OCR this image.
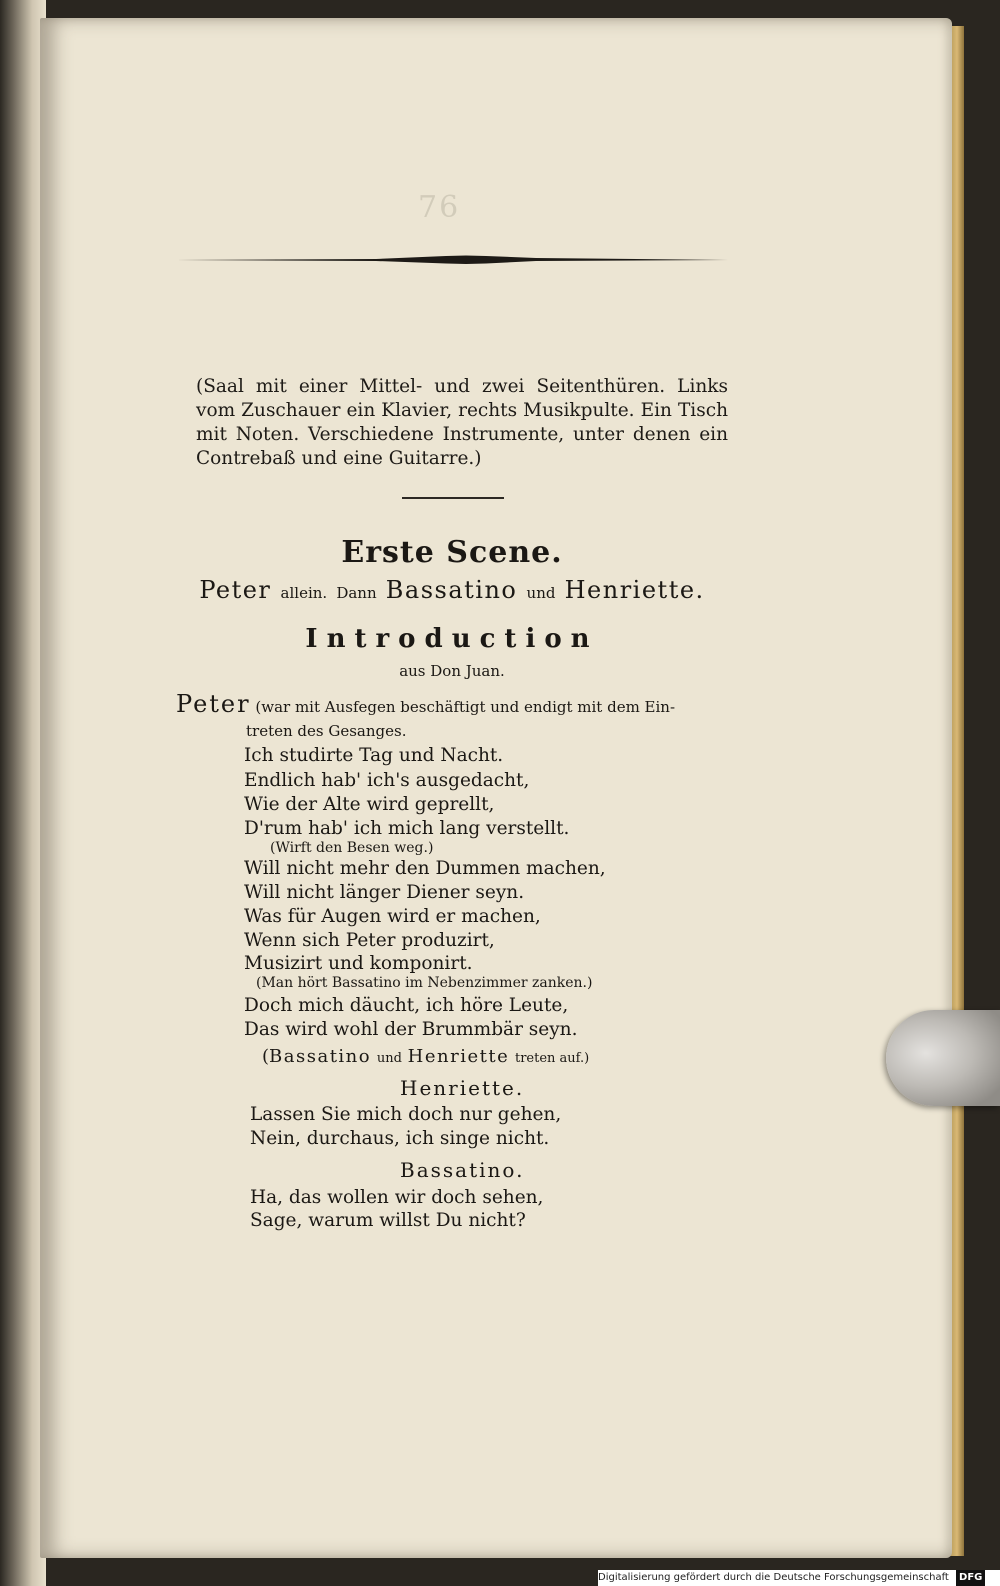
76
(Saal mit einer Mittel- und zwei Seitenthüren. Links vom Zuschauer ein Klavier, rechts Musikpulte. Ein Tisch mit Noten. Verschiedene Instrumente, unter denen ein Contrebaß und eine Guitarre.)
Erste Scene.
Peter allein. Dann Bassatino und Henriette.
Introduction
aus Don Juan.
Peter (war mit Ausfegen beschäftigt und endigt mit dem Ein-
treten des Gesanges.
Ich studirte Tag und Nacht.
Endlich hab' ich's ausgedacht,
Wie der Alte wird geprellt,
D'rum hab' ich mich lang verstellt.
(Wirft den Besen weg.)
Will nicht mehr den Dummen machen,
Will nicht länger Diener seyn.
Was für Augen wird er machen,
Wenn sich Peter produzirt,
Musizirt und komponirt.
(Man hört Bassatino im Nebenzimmer zanken.)
Doch mich däucht, ich höre Leute,
Das wird wohl der Brummbär seyn.
(Bassatino und Henriette treten auf.)
Henriette.
Lassen Sie mich doch nur gehen,
Nein, durchaus, ich singe nicht.
Bassatino.
Ha, das wollen wir doch sehen,
Sage, warum willst Du nicht?
Digitalisierung gefördert durch die Deutsche Forschungsgemeinschaft DFG
